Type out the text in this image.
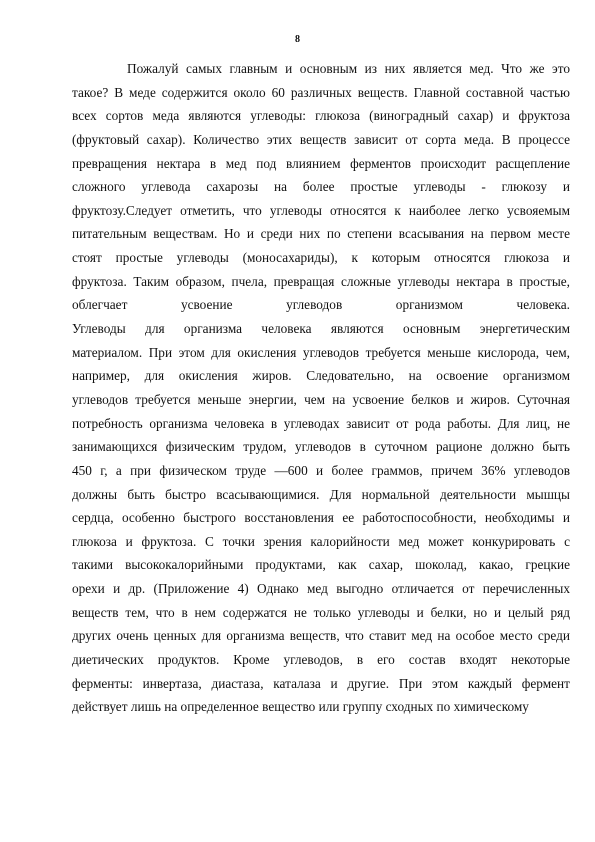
8
Пожалуй самых главным и основным из них является мед. Что же это
такое? В меде содержится около 60 различных веществ. Главной составной частью
всех сортов меда являются углеводы: глюкоза (виноградный сахар) и фруктоза
(фруктовый сахар). Количество этих веществ зависит от сорта меда. В процессе
превращения нектара в мед под влиянием ферментов происходит расщепление
сложного углевода сахарозы на более простые углеводы - глюкозу и
фруктозу.Следует отметить, что углеводы относятся к наиболее легко усвояемым
питательным веществам. Но и среди них по степени всасывания на первом месте
стоят простые углеводы (моносахариды), к которым относятся глюкоза и
фруктоза. Таким образом, пчела, превращая сложные углеводы нектара в простые,
облегчает усвоение углеводов организмом человека.
Углеводы для организма человека являются основным энергетическим
материалом. При этом для окисления углеводов требуется меньше кислорода, чем,
например, для окисления жиров. Следовательно, на освоение организмом
углеводов требуется меньше энергии, чем на усвоение белков и жиров. Суточная
потребность организма человека в углеводах зависит от рода работы. Для лиц, не
занимающихся физическим трудом, углеводов в суточном рационе должно быть
450 г, а при физическом труде —600 и более граммов, причем 36% углеводов
должны быть быстро всасывающимися. Для нормальной деятельности мышцы
сердца, особенно быстрого восстановления ее работоспособности, необходимы и
глюкоза и фруктоза. С точки зрения калорийности мед может конкурировать с
такими высококалорийными продуктами, как сахар, шоколад, какао, грецкие
орехи и др. (Приложение 4) Однако мед выгодно отличается от перечисленных
веществ тем, что в нем содержатся не только углеводы и белки, но и целый ряд
других очень ценных для организма веществ, что ставит мед на особое место среди
диетических продуктов. Кроме углеводов, в его состав входят некоторые
ферменты: инвертаза, диастаза, каталаза и другие. При этом каждый фермент
действует лишь на определенное вещество или группу сходных по химическому
